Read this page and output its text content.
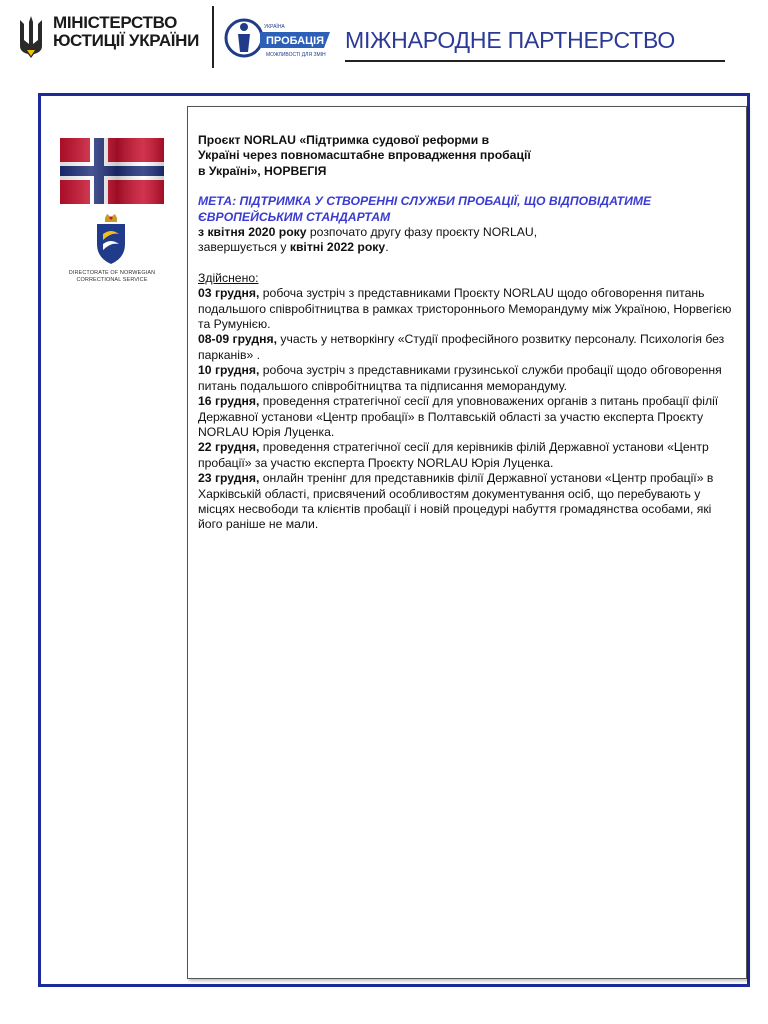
МІНІСТЕРСТВО
ЮСТИЦІЇ УКРАЇНИ
УКРАЇНА
ПРОБАЦІЯ
МОЖЛИВОСТІ ДЛЯ ЗМІН
МІЖНАРОДНЕ ПАРТНЕРСТВО
DIRECTORATE OF NORWEGIAN
CORRECTIONAL SERVICE

Проєкт NORLAU «Підтримка судової реформи в
Україні через повномасштабне впровадження пробації
в Україні», НОРВЕГІЯ

МЕТА: ПІДТРИМКА У СТВОРЕННІ СЛУЖБИ ПРОБАЦІЇ, ЩО ВІДПОВІДАТИМЕ ЄВРОПЕЙСЬКИМ СТАНДАРТАМ

з квітня 2020 року розпочато другу фазу проєкту NORLAU,
завершується у квітні 2022 року.

Здійснено:

03 грудня, робоча зустріч з представниками Проєкту NORLAU щодо обговорення питань подальшого співробітництва в рамках тристороннього Меморандуму між Україною, Норвегією та Румунією.

08-09 грудня, участь у нетворкінгу «Студії професійного розвитку персоналу. Психологія без парканів» .

10 грудня, робоча зустріч з представниками грузинської служби пробації щодо обговорення питань подальшого співробітництва та підписання меморандуму.

16 грудня, проведення стратегічної сесії для уповноважених органів з питань пробації філії Державної установи «Центр пробації» в Полтавській області за участю експерта Проєкту NORLAU Юрія Луценка.

22 грудня, проведення стратегічної сесії для керівників філій Державної установи «Центр пробації» за участю експерта Проєкту NORLAU Юрія Луценка.

23 грудня, онлайн тренінг для представників філії Державної установи «Центр пробації» в Харківській області, присвячений особливостям документування осіб, що перебувають у місцях несвободи та клієнтів пробації і новій процедурі набуття громадянства особами, які його раніше не мали.
